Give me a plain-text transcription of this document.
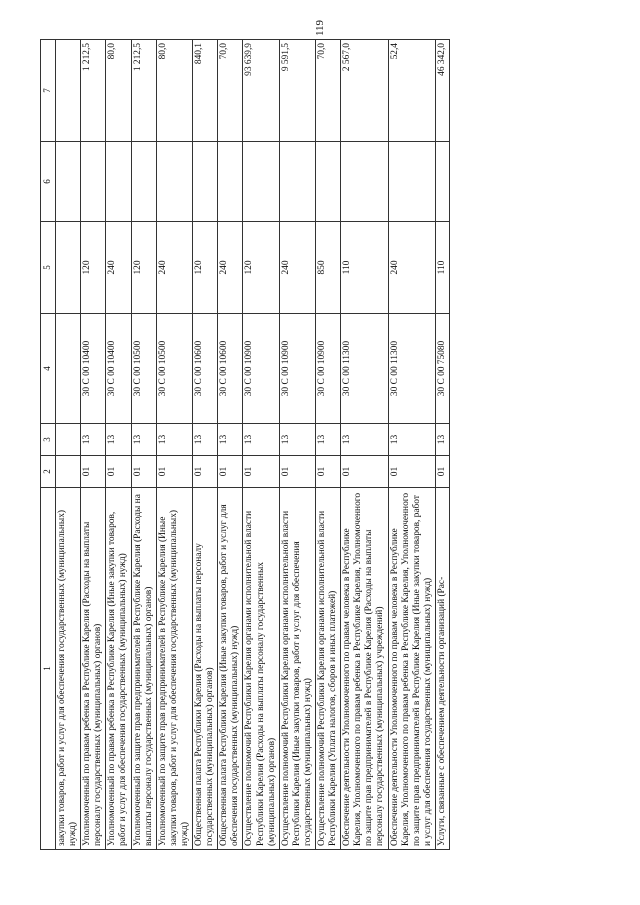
119
1	2	3	4	5	6	7
закупки товаров, работ и услуг для обеспечения государственных (муниципальных) нужд)						
Уполномоченный по правам ребенка в Республике Карелия (Расходы на выплаты персоналу государственных (муниципальных) органов)	01	13	30 С 00 10400	120		1 212,5
Уполномоченный по правам ребенка в Республике Карелия (Иные закупки товаров, работ и услуг для обеспечения государственных (муниципальных) нужд)	01	13	30 С 00 10400	240		80,0
Уполномоченный по защите прав предпринимателей в Республике Карелия (Расходы на выплаты персоналу государственных (муниципальных) органов)	01	13	30 С 00 10500	120		1 212,5
Уполномоченный по защите прав предпринимателей в Республике Карелия (Иные закупки товаров, работ и услуг для обеспечения государственных (муниципальных) нужд)	01	13	30 С 00 10500	240		80,0
Общественная палата Республики Карелия (Расходы на выплаты персоналу государственных (муниципальных) органов)	01	13	30 С 00 10600	120		840,1
Общественная палата Республики Карелия (Иные закупки товаров, работ и услуг для обеспечения государственных (муниципальных) нужд)	01	13	30 С 00 10600	240		70,0
Осуществление полномочий Республики Карелия органами исполнительной власти Республики Карелия (Расходы на выплаты персоналу государственных (муниципальных) органов)	01	13	30 С 00 10900	120		93 639,9
Осуществление полномочий Республики Карелия органами исполнительной власти Республики Карелия (Иные закупки товаров, работ и услуг для обеспечения государственных (муниципальных) нужд)	01	13	30 С 00 10900	240		9 591,5
Осуществление полномочий Республики Карелия органами исполнительной власти Республики Карелия (Уплата налогов, сборов и иных платежей)	01	13	30 С 00 10900	850		70,0
Обеспечение деятельности Уполномоченного по правам человека в Республике Карелия, Уполномоченного по правам ребенка в Республике Карелия, Уполномоченного по защите прав предпринимателей в Республике Карелия (Расходы на выплаты персоналу государственных (муниципальных) учреждений)	01	13	30 С 00 11300	110		2 567,0
Обеспечение деятельности Уполномоченного по правам человека в Республике Карелия, Уполномоченного по правам ребенка в Республике Карелия, Уполномоченного по защите прав предпринимателей в Республике Карелия (Иные закупки товаров, работ и услуг для обеспечения государственных (муниципальных) нужд)	01	13	30 С 00 11300	240		52,4
Услуги, связанные с обеспечением деятельности организаций (Рас-	01	13	30 С 00 75080	110		46 342,0
